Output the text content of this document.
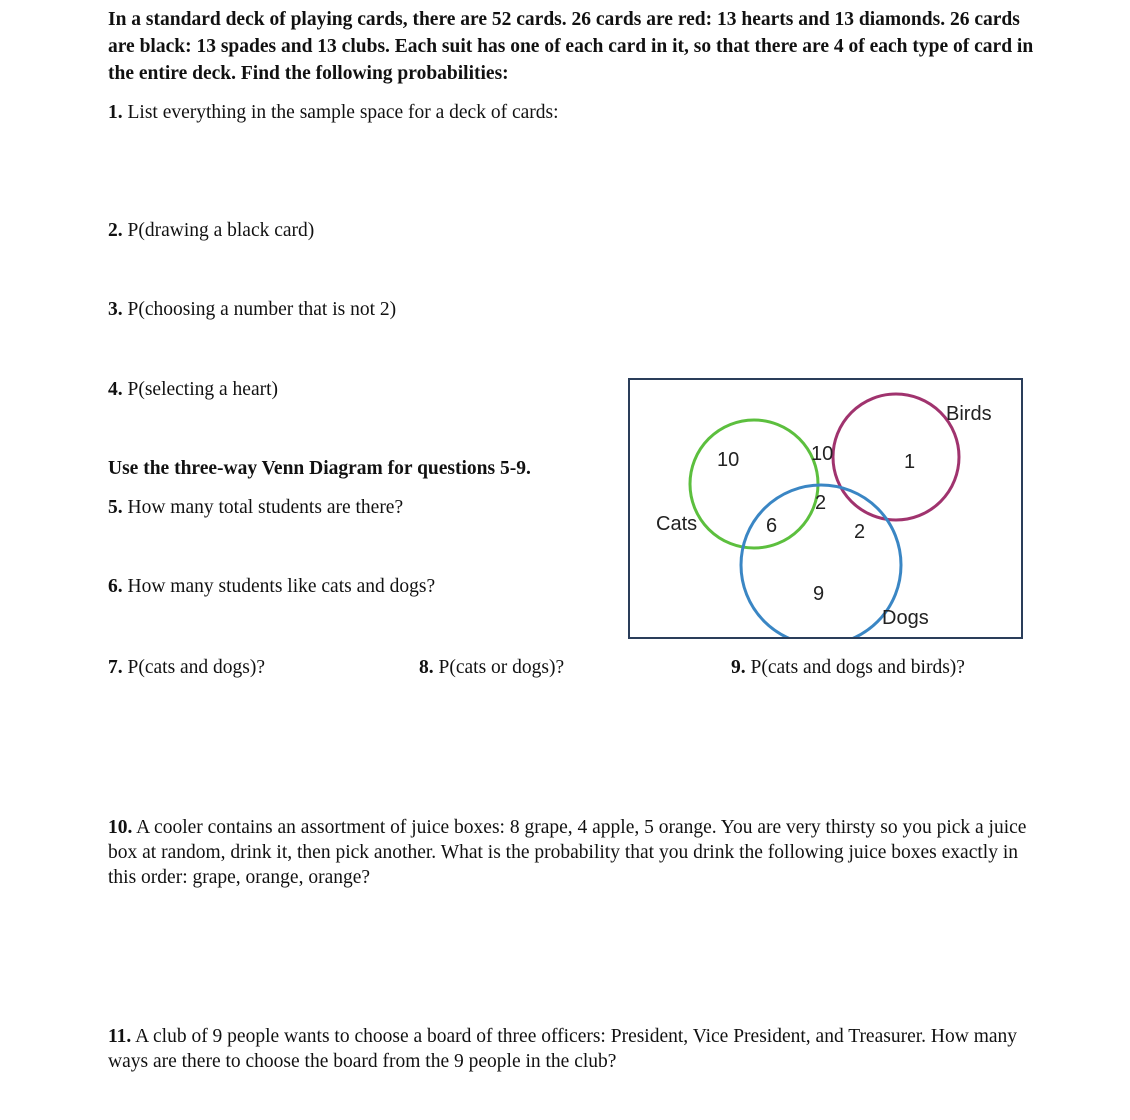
In a standard deck of playing cards, there are 52 cards. 26 cards are red: 13 hearts and 13 diamonds. 26 cards are black: 13 spades and 13 clubs. Each suit has one of each card in it, so that there are 4 of each type of card in the entire deck. Find the following probabilities:
1. List everything in the sample space for a deck of cards:
2. P(drawing a black card)
3. P(choosing a number that is not 2)
4. P(selecting a heart)
Use the three-way Venn Diagram for questions 5-9.
5. How many total students are there?
6. How many students like cats and dogs?
7. P(cats and dogs)?	8. P(cats or dogs)?	9. P(cats and dogs and birds)?
10. A cooler contains an assortment of juice boxes: 8 grape, 4 apple, 5 orange. You are very thirsty so you pick a juice box at random, drink it, then pick another. What is the probability that you drink the following juice boxes exactly in this order: grape, orange, orange?
11. A club of 9 people wants to choose a board of three officers: President, Vice President, and Treasurer. How many ways are there to choose the board from the 9 people in the club?
Birds
Cats
Dogs
10	10	1
2
6	2
9
